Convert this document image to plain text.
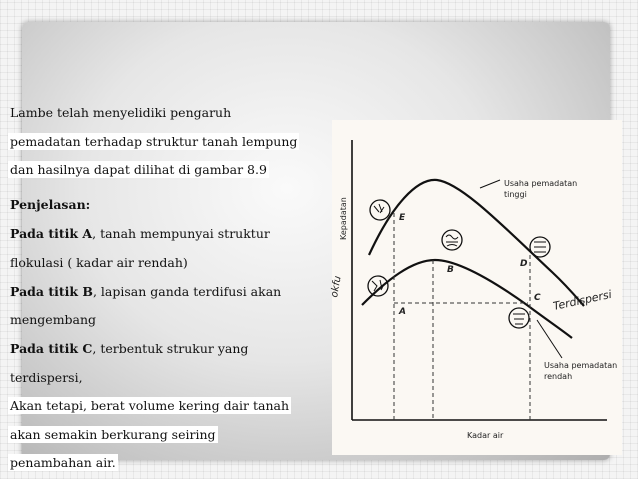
Lambe telah menyelidiki pengaruh
pemadatan terhadap struktur tanah lempung
dan hasilnya dapat dilihat di gambar 8.9
Penjelasan:
Pada titik A, tanah mempunyai struktur
flokulasi ( kadar air rendah)
Pada titik B, lapisan ganda terdifusi akan
mengembang
Pada titik C, terbentuk strukur yang
terdispersi,
Akan tetapi, berat volume kering dair tanah
akan semakin berkurang seiring
penambahan air.
Kepadatan
Kadar air
E
A
B
C
D
Usaha pemadatan
tinggi
Usaha pemadatan
rendah
okfu
Terdispersi
